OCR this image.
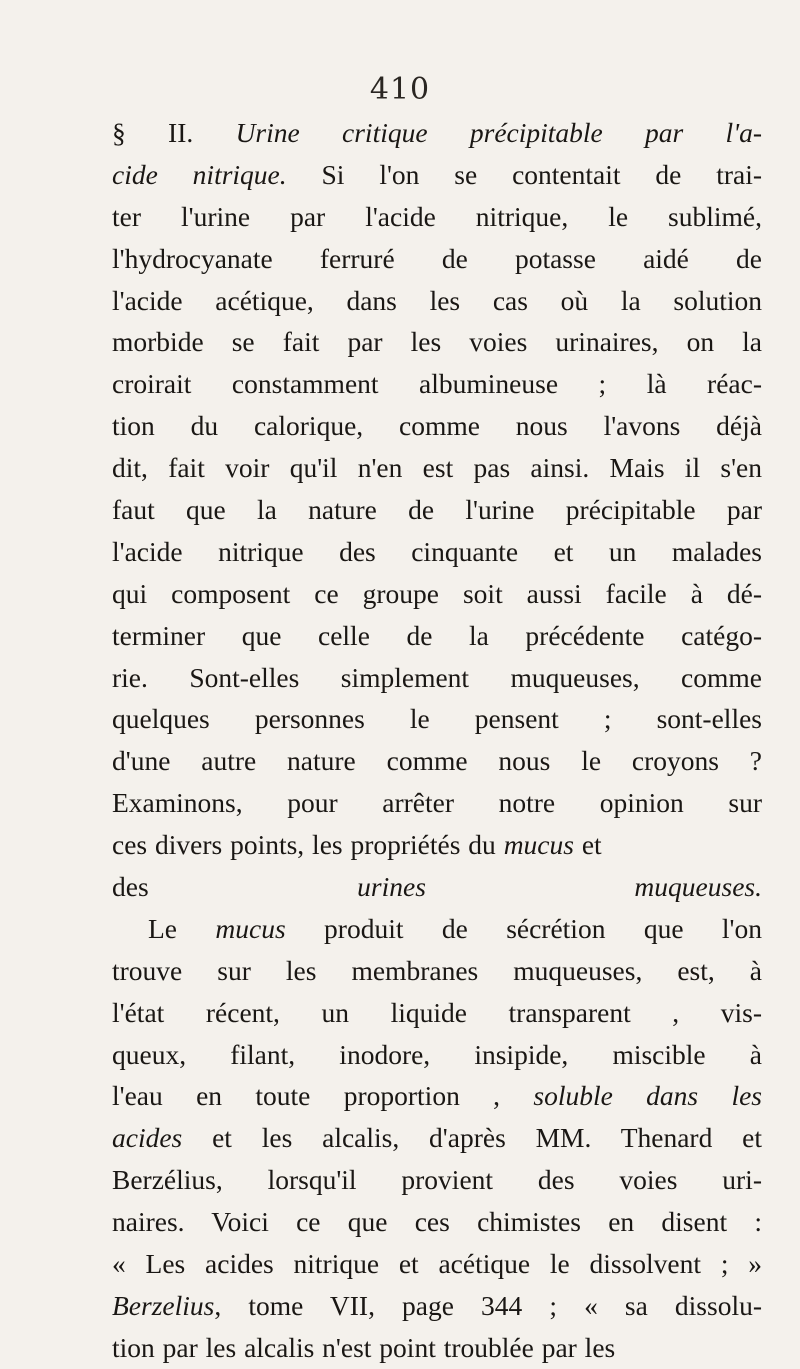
410
§ II. Urine critique précipitable par l'a-
cide nitrique. Si l'on se contentait de trai-
ter l'urine par l'acide nitrique, le sublimé,
l'hydrocyanate ferruré de potasse aidé de
l'acide acétique, dans les cas où la solution
morbide se fait par les voies urinaires, on la
croirait constamment albumineuse ; là réac-
tion du calorique, comme nous l'avons déjà
dit, fait voir qu'il n'en est pas ainsi. Mais il s'en
faut que la nature de l'urine précipitable par
l'acide nitrique des cinquante et un malades
qui composent ce groupe soit aussi facile à dé-
terminer que celle de la précédente catégo-
rie. Sont-elles simplement muqueuses, comme
quelques personnes le pensent ; sont-elles
d'une autre nature comme nous le croyons ?
Examinons, pour arrêter notre opinion sur
ces divers points, les propriétés du mucus et
des urines muqueuses.
Le mucus produit de sécrétion que l'on
trouve sur les membranes muqueuses, est, à
l'état récent, un liquide transparent , vis-
queux, filant, inodore, insipide, miscible à
l'eau en toute proportion , soluble dans les
acides et les alcalis, d'après MM. Thenard et
Berzélius, lorsqu'il provient des voies uri-
naires. Voici ce que ces chimistes en disent :
« Les acides nitrique et acétique le dissolvent ; »
Berzelius, tome VII, page 344 ; « sa dissolu-
tion par les alcalis n'est point troublée par les
